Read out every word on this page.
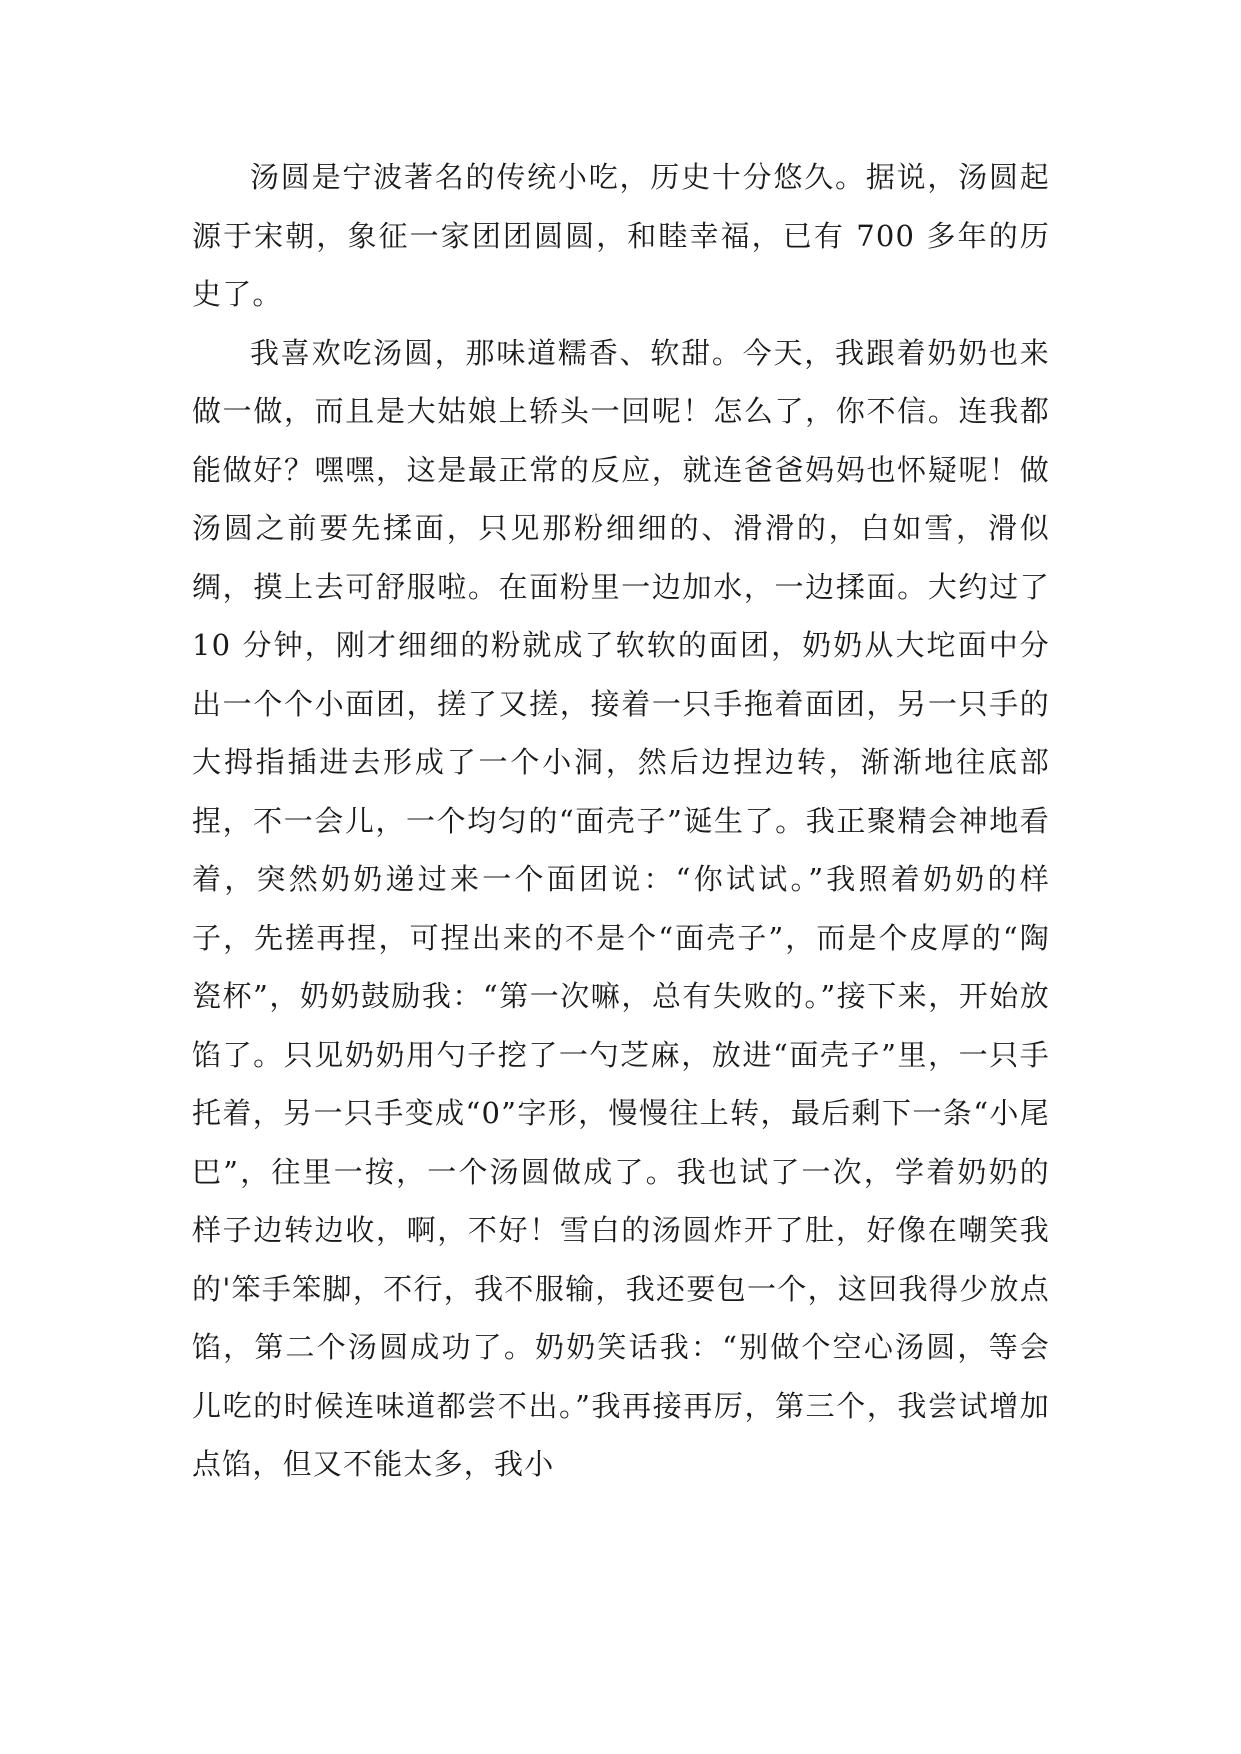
汤圆是宁波著名的传统小吃，历史十分悠久。据说，汤圆起源于宋朝，象征一家团团圆圆，和睦幸福，已有 700 多年的历史了。

我喜欢吃汤圆，那味道糯香、软甜。今天，我跟着奶奶也来做一做，而且是大姑娘上轿头一回呢！怎么了，你不信。连我都能做好？嘿嘿，这是最正常的反应，就连爸爸妈妈也怀疑呢！做汤圆之前要先揉面，只见那粉细细的、滑滑的，白如雪，滑似绸，摸上去可舒服啦。在面粉里一边加水，一边揉面。大约过了 10 分钟，刚才细细的粉就成了软软的面团，奶奶从大坨面中分出一个个小面团，搓了又搓，接着一只手拖着面团，另一只手的大拇指插进去形成了一个小洞，然后边捏边转，渐渐地往底部捏，不一会儿，一个均匀的“面壳子”诞生了。我正聚精会神地看着，突然奶奶递过来一个面团说：“你试试。”我照着奶奶的样子，先搓再捏，可捏出来的不是个“面壳子”，而是个皮厚的“陶瓷杯”，奶奶鼓励我：“第一次嘛，总有失败的。”接下来，开始放馅了。只见奶奶用勺子挖了一勺芝麻，放进“面壳子”里，一只手托着，另一只手变成“0”字形，慢慢往上转，最后剩下一条“小尾巴”，往里一按，一个汤圆做成了。我也试了一次，学着奶奶的样子边转边收，啊，不好！雪白的汤圆炸开了肚，好像在嘲笑我的'笨手笨脚，不行，我不服输，我还要包一个，这回我得少放点馅，第二个汤圆成功了。奶奶笑话我：“别做个空心汤圆，等会儿吃的时候连味道都尝不出。”我再接再厉，第三个，我尝试增加点馅，但又不能太多，我小
